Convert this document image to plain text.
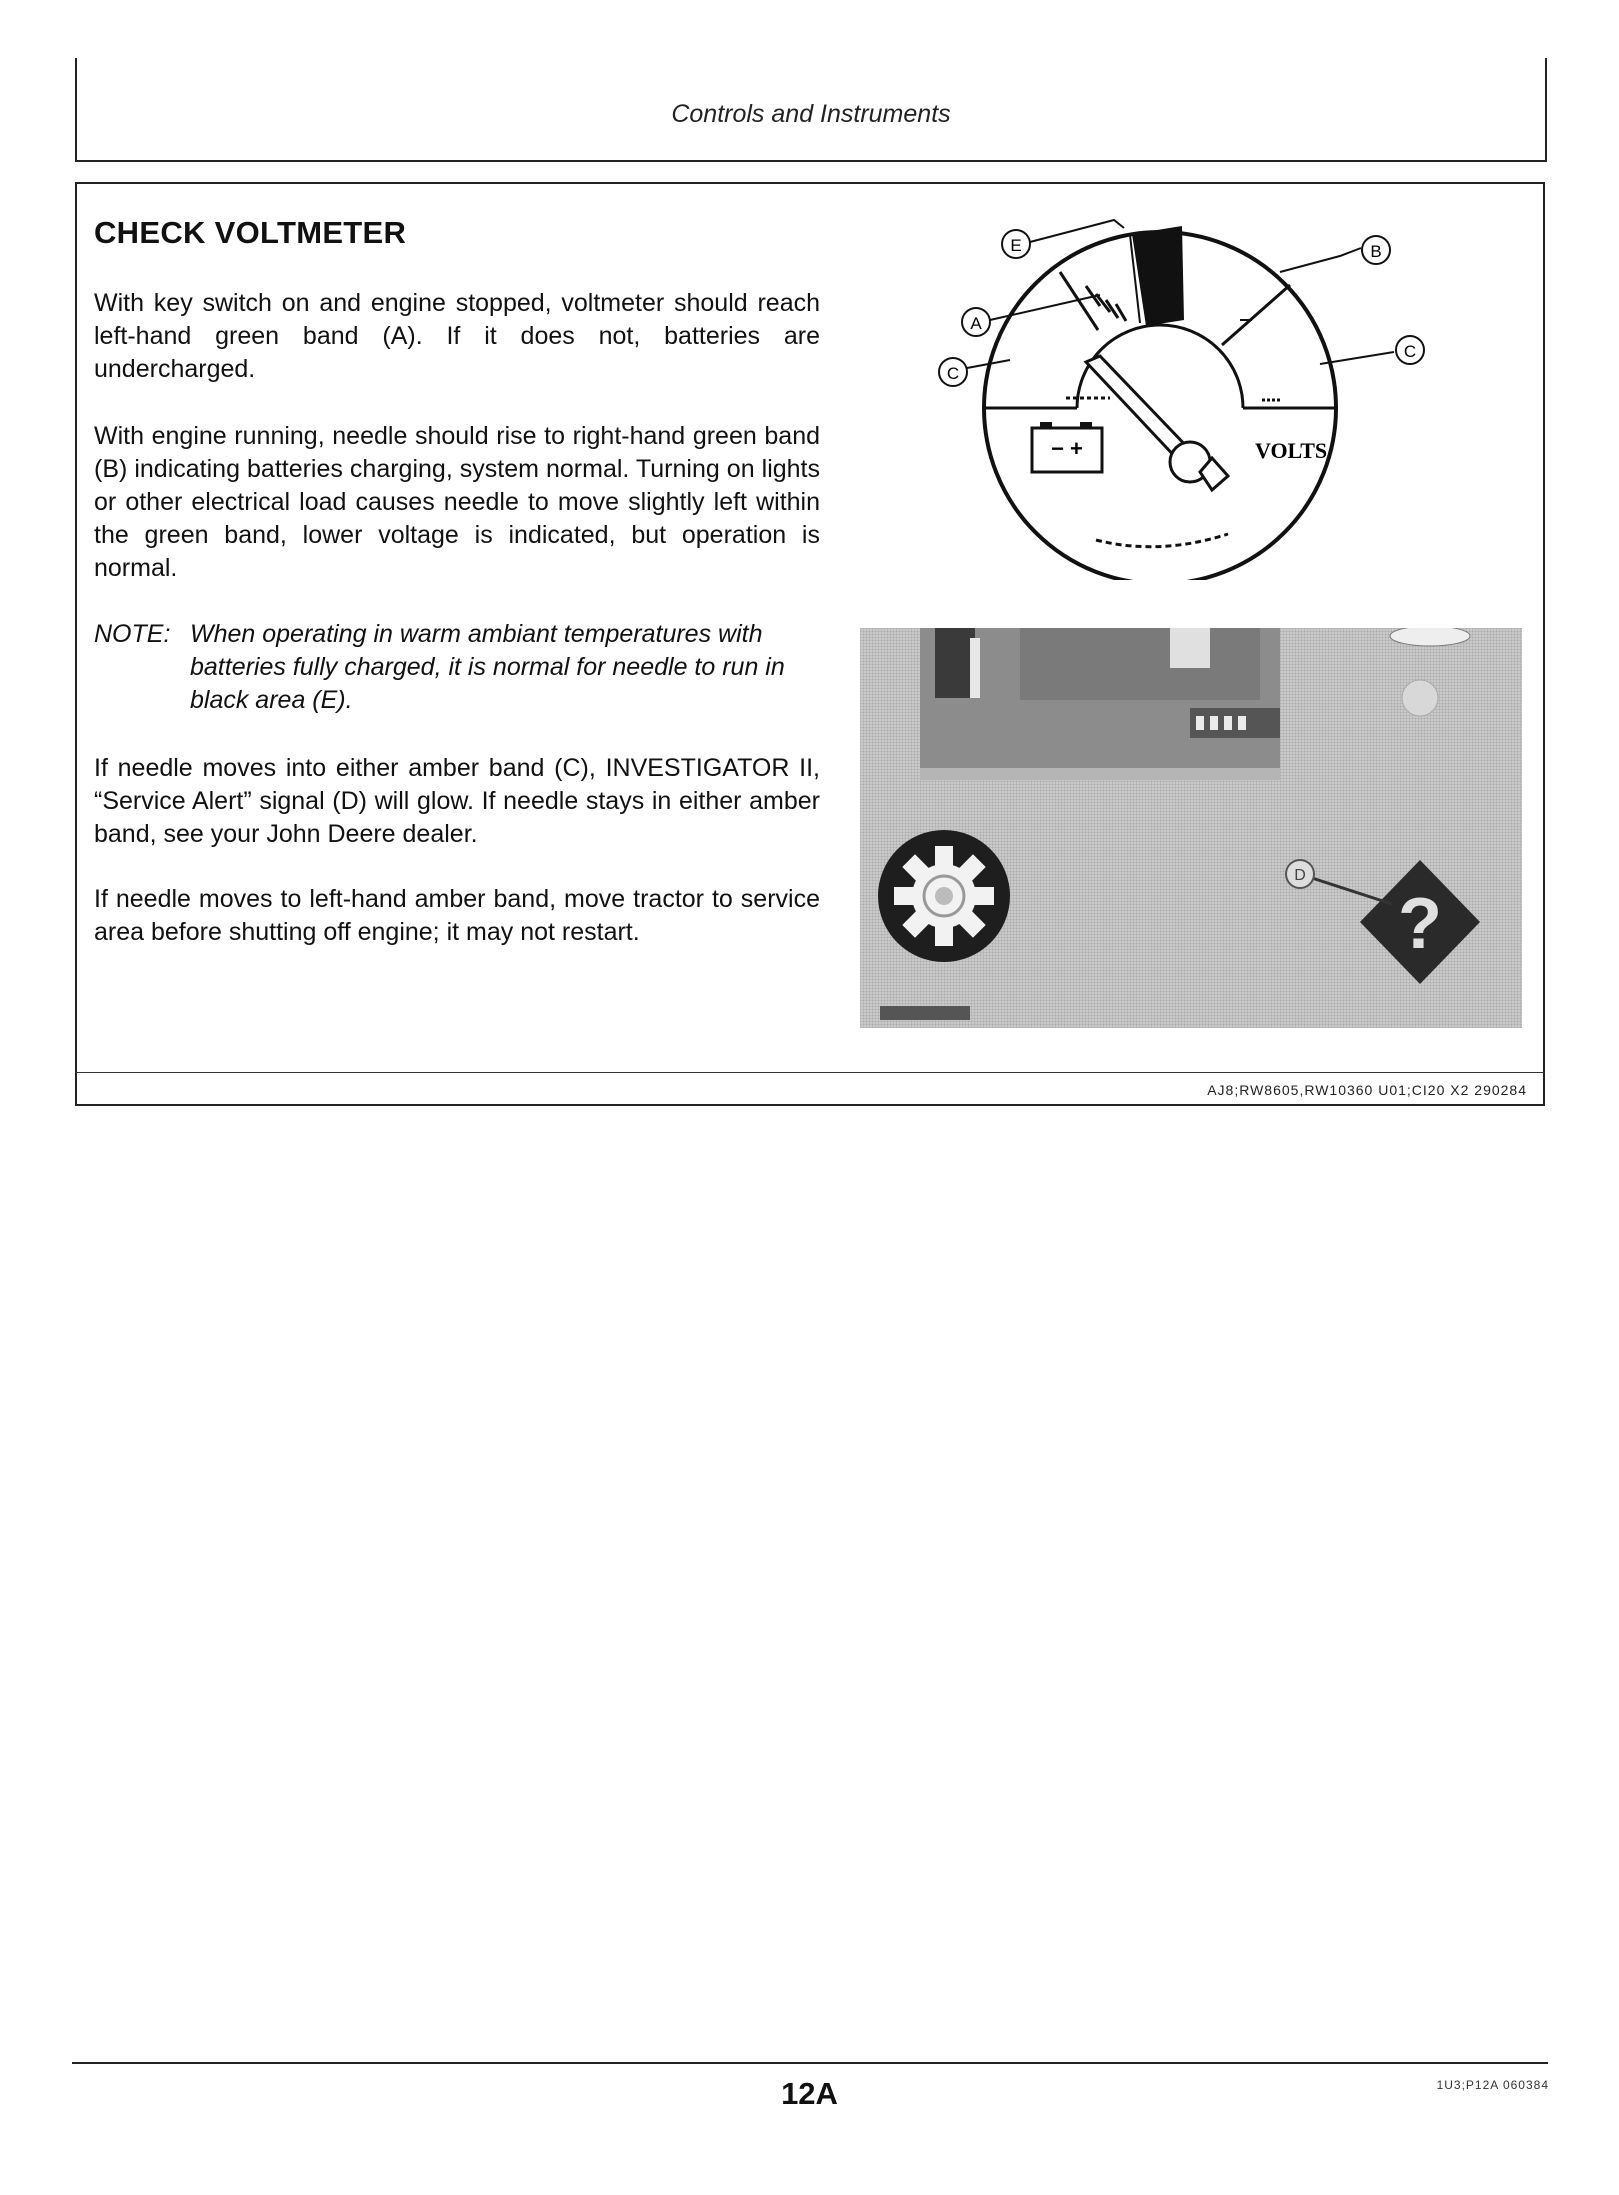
Controls and Instruments
CHECK VOLTMETER

With key switch on and engine stopped, voltmeter should reach left-hand green band (A). If it does not, batteries are undercharged.

With engine running, needle should rise to right-hand green band (B) indicating batteries charging, system normal. Turning on lights or other electrical load causes needle to move slightly left within the green band, lower voltage is indicated, but operation is normal.

NOTE: When operating in warm ambiant temperatures with batteries fully charged, it is normal for needle to run in black area (E).

If needle moves into either amber band (C), INVESTIGATOR II, “Service Alert” signal (D) will glow. If needle stays in either amber band, see your John Deere dealer.

If needle moves to left-hand amber band, move tractor to service area before shutting off engine; it may not restart.

− +	VOLTS
E	B
A
C
C
?
D
AJ8;RW8605,RW10360 U01;CI20 X2 290284
12A	1U3;P12A 060384
